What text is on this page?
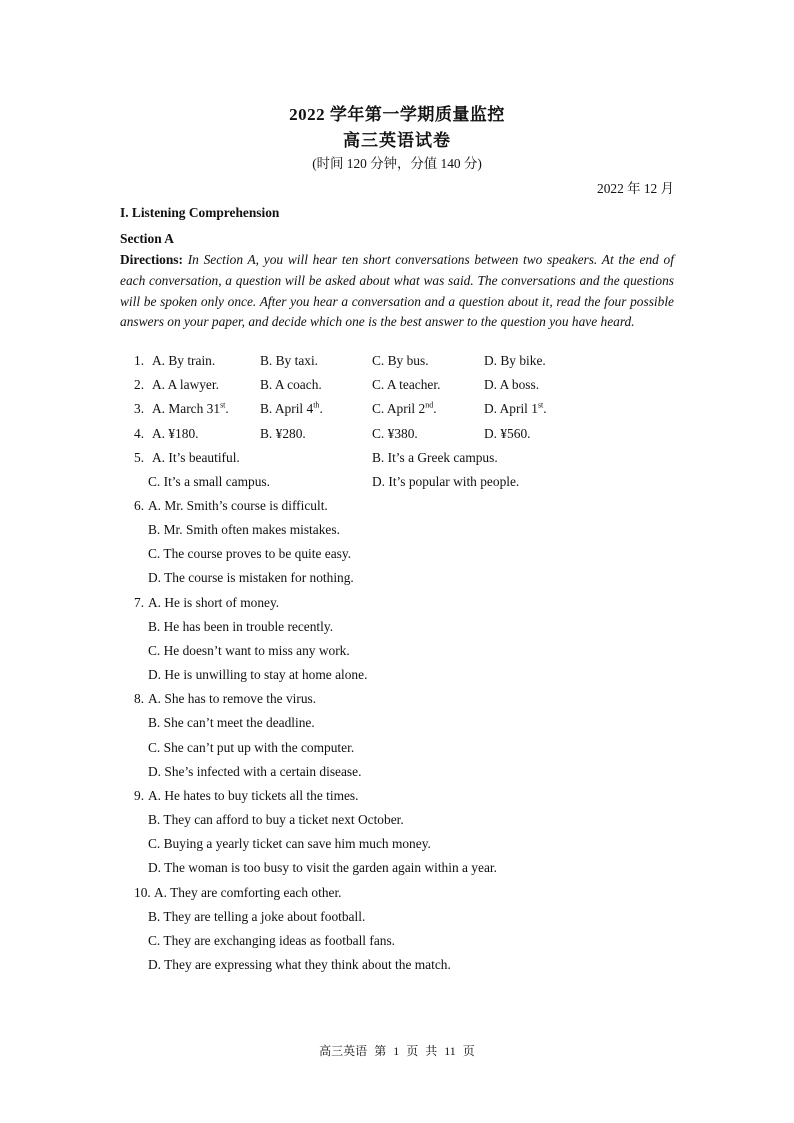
2022 学年第一学期质量监控
高三英语试卷
(时间 120 分钟，分值 140 分)
2022 年 12 月
I. Listening Comprehension
Section A
Directions: In Section A, you will hear ten short conversations between two speakers. At the end of each conversation, a question will be asked about what was said. The conversations and the questions will be spoken only once. After you hear a conversation and a question about it, read the four possible answers on your paper, and decide which one is the best answer to the question you have heard.
1. A. By train.	B. By taxi.	C. By bus.	D. By bike.
2. A. A lawyer.	B. A coach.	C. A teacher.	D. A boss.
3. A. March 31st. B. April 4th.	C. April 2nd.	D. April 1st.
4. A. ¥180.	B. ¥280.	C. ¥380.	D. ¥560.
5. A. It’s beautiful.	B. It’s a Greek campus.
C. It’s a small campus.	D. It’s popular with people.
6. A. Mr. Smith’s course is difficult.
B. Mr. Smith often makes mistakes.
C. The course proves to be quite easy.
D. The course is mistaken for nothing.
7. A. He is short of money.
B. He has been in trouble recently.
C. He doesn’t want to miss any work.
D. He is unwilling to stay at home alone.
8. A. She has to remove the virus.
B. She can’t meet the deadline.
C. She can’t put up with the computer.
D. She’s infected with a certain disease.
9. A. He hates to buy tickets all the times.
B. They can afford to buy a ticket next October.
C. Buying a yearly ticket can save him much money.
D. The woman is too busy to visit the garden again within a year.
10. A. They are comforting each other.
B. They are telling a joke about football.
C. They are exchanging ideas as football fans.
D. They are expressing what they think about the match.
高三英语 第 1 页 共 11 页
